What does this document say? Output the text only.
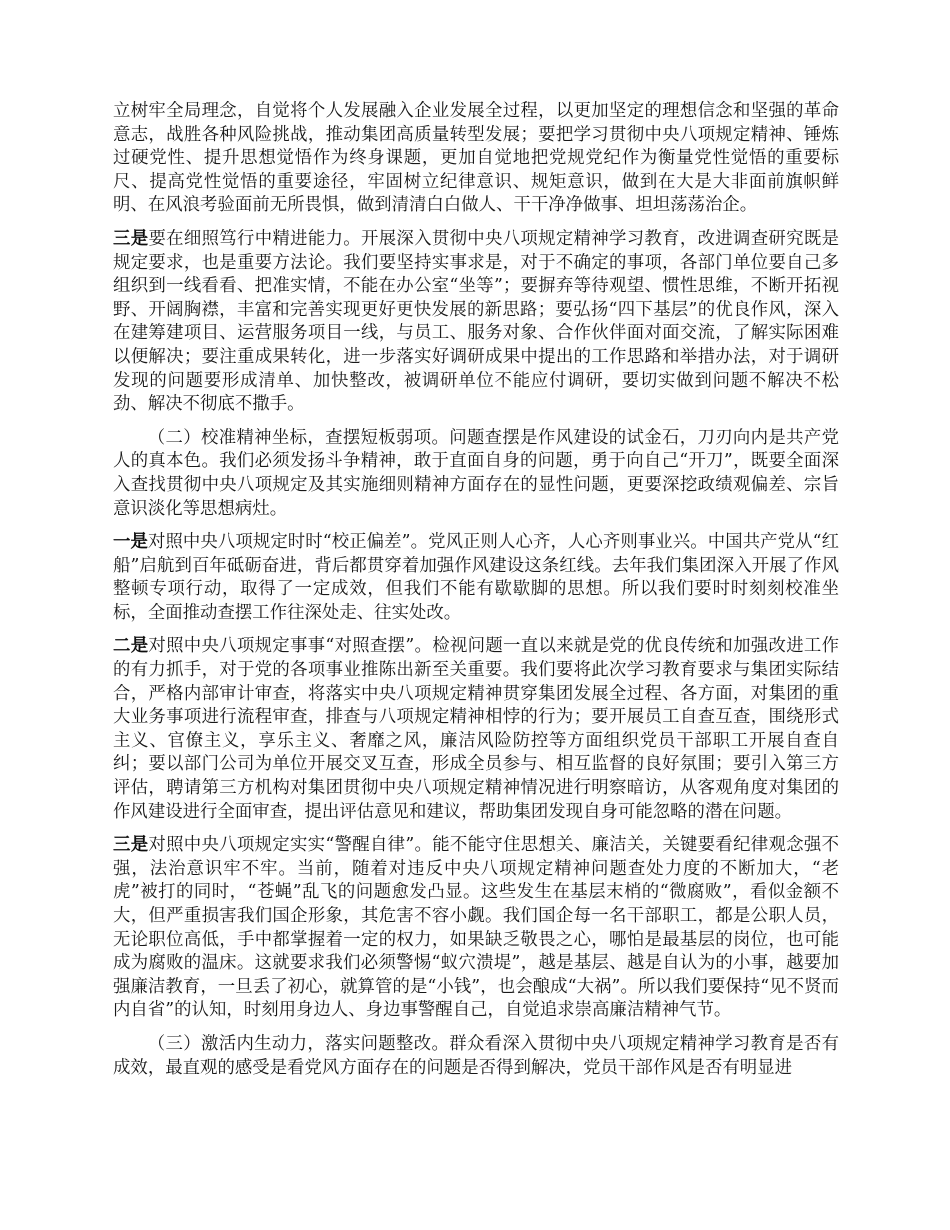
立树牢全局理念，自觉将个人发展融入企业发展全过程，以更加坚定的理想信念和坚强的革命意志，战胜各种风险挑战，推动集团高质量转型发展；要把学习贯彻中央八项规定精神、锤炼过硬党性、提升思想觉悟作为终身课题，更加自觉地把党规党纪作为衡量党性觉悟的重要标尺、提高党性觉悟的重要途径，牢固树立纪律意识、规矩意识，做到在大是大非面前旗帜鲜明、在风浪考验面前无所畏惧，做到清清白白做人、干干净净做事、坦坦荡荡治企。

三是要在细照笃行中精进能力。开展深入贯彻中央八项规定精神学习教育，改进调查研究既是规定要求，也是重要方法论。我们要坚持实事求是，对于不确定的事项，各部门单位要自己多组织到一线看看、把准实情，不能在办公室“坐等”；要摒弃等待观望、惯性思维，不断开拓视野、开阔胸襟，丰富和完善实现更好更快发展的新思路；要弘扬“四下基层”的优良作风，深入在建筹建项目、运营服务项目一线，与员工、服务对象、合作伙伴面对面交流，了解实际困难以便解决；要注重成果转化，进一步落实好调研成果中提出的工作思路和举措办法，对于调研发现的问题要形成清单、加快整改，被调研单位不能应付调研，要切实做到问题不解决不松劲、解决不彻底不撒手。

（二）校准精神坐标，查摆短板弱项。问题查摆是作风建设的试金石，刀刃向内是共产党人的真本色。我们必须发扬斗争精神，敢于直面自身的问题，勇于向自己“开刀”，既要全面深入查找贯彻中央八项规定及其实施细则精神方面存在的显性问题，更要深挖政绩观偏差、宗旨意识淡化等思想病灶。

一是对照中央八项规定时时“校正偏差”。党风正则人心齐，人心齐则事业兴。中国共产党从“红船”启航到百年砥砺奋进，背后都贯穿着加强作风建设这条红线。去年我们集团深入开展了作风整顿专项行动，取得了一定成效，但我们不能有歇歇脚的思想。所以我们要时时刻刻校准坐标，全面推动查摆工作往深处走、往实处改。

二是对照中央八项规定事事“对照查摆”。检视问题一直以来就是党的优良传统和加强改进工作的有力抓手，对于党的各项事业推陈出新至关重要。我们要将此次学习教育要求与集团实际结合，严格内部审计审查，将落实中央八项规定精神贯穿集团发展全过程、各方面，对集团的重大业务事项进行流程审查，排查与八项规定精神相悖的行为；要开展员工自查互查，围绕形式主义、官僚主义，享乐主义、奢靡之风，廉洁风险防控等方面组织党员干部职工开展自查自纠；要以部门公司为单位开展交叉互查，形成全员参与、相互监督的良好氛围；要引入第三方评估，聘请第三方机构对集团贯彻中央八项规定精神情况进行明察暗访，从客观角度对集团的作风建设进行全面审查，提出评估意见和建议，帮助集团发现自身可能忽略的潜在问题。

三是对照中央八项规定实实“警醒自律”。能不能守住思想关、廉洁关，关键要看纪律观念强不强，法治意识牢不牢。当前，随着对违反中央八项规定精神问题查处力度的不断加大，“老虎”被打的同时，“苍蝇”乱飞的问题愈发凸显。这些发生在基层末梢的“微腐败”，看似金额不大，但严重损害我们国企形象，其危害不容小觑。我们国企每一名干部职工，都是公职人员，无论职位高低，手中都掌握着一定的权力，如果缺乏敬畏之心，哪怕是最基层的岗位，也可能成为腐败的温床。这就要求我们必须警惕“蚁穴溃堤”，越是基层、越是自认为的小事，越要加强廉洁教育，一旦丢了初心，就算管的是“小钱”，也会酿成“大祸”。所以我们要保持“见不贤而内自省”的认知，时刻用身边人、身边事警醒自己，自觉追求崇高廉洁精神气节。

（三）激活内生动力，落实问题整改。群众看深入贯彻中央八项规定精神学习教育是否有成效，最直观的感受是看党风方面存在的问题是否得到解决，党员干部作风是否有明显进
